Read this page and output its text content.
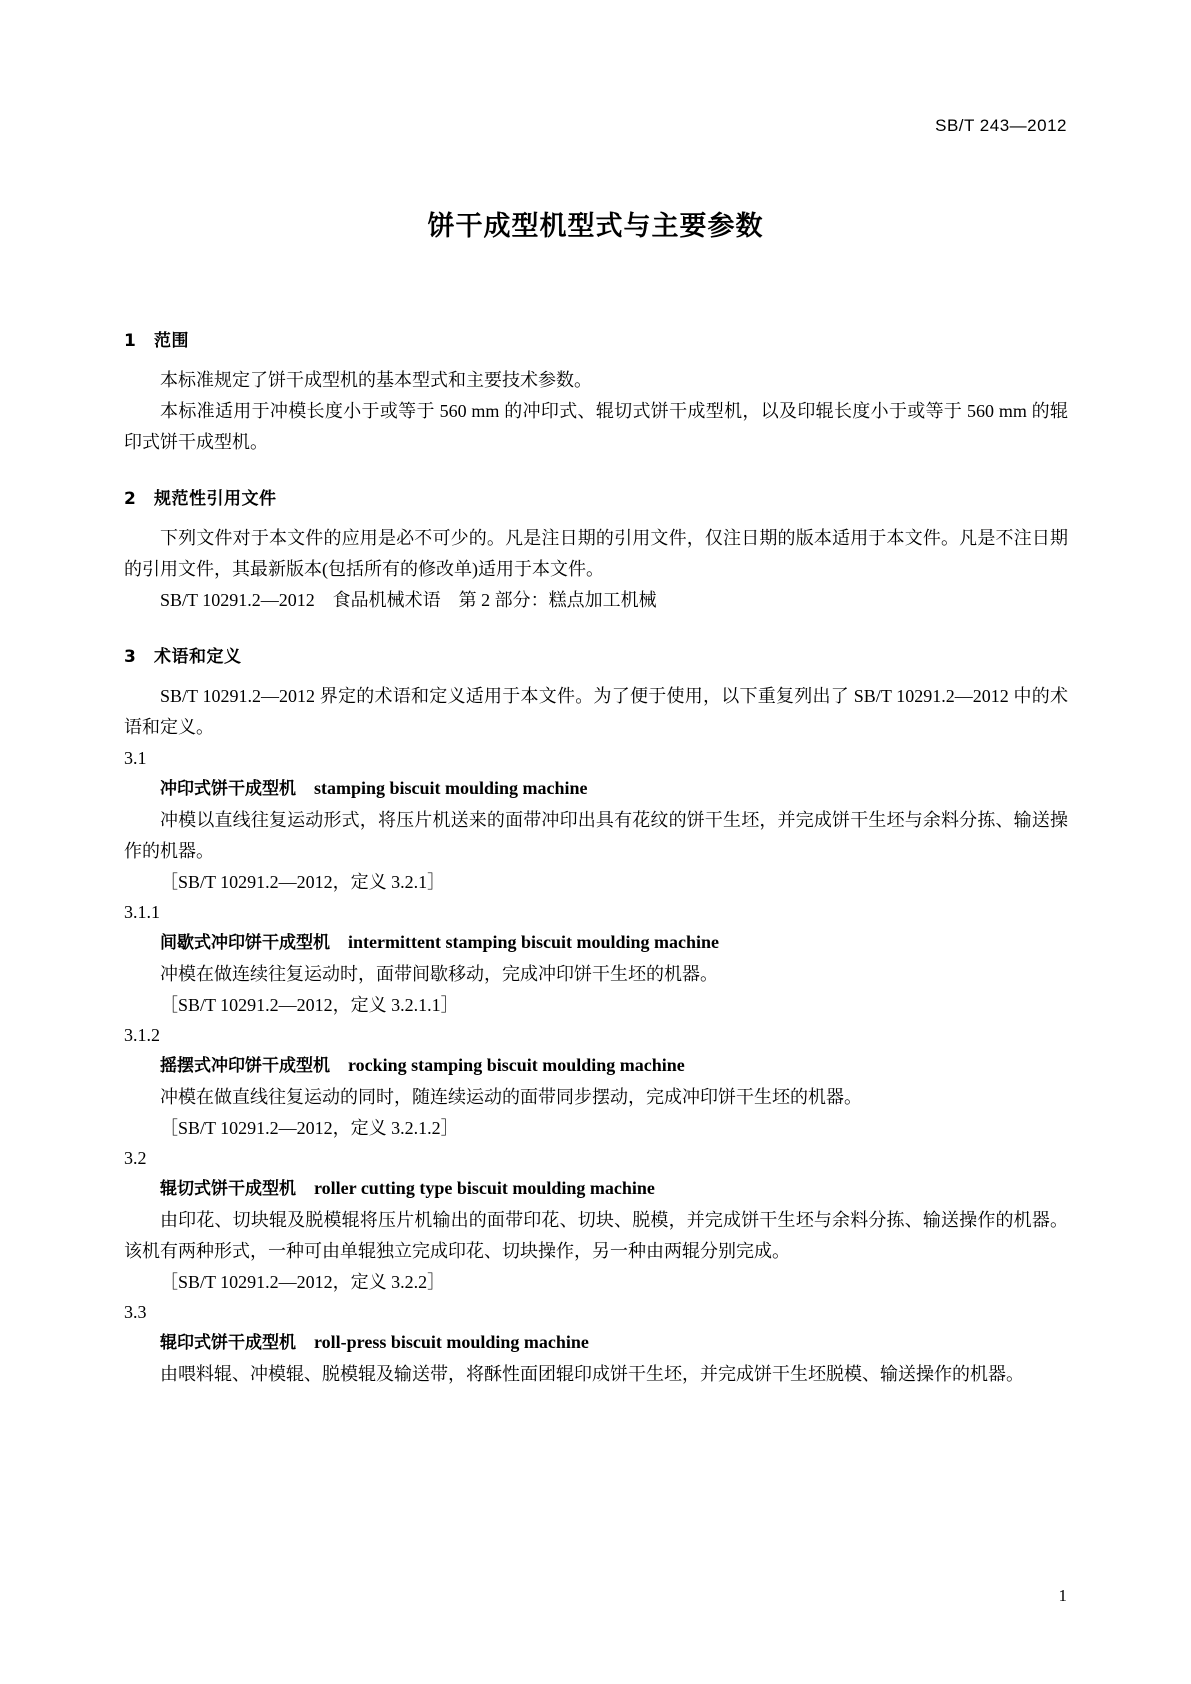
SB/T 243—2012
饼干成型机型式与主要参数
1 范围

本标准规定了饼干成型机的基本型式和主要技术参数。

本标准适用于冲模长度小于或等于 560 mm 的冲印式、辊切式饼干成型机，以及印辊长度小于或等于 560 mm 的辊印式饼干成型机。

2 规范性引用文件

下列文件对于本文件的应用是必不可少的。凡是注日期的引用文件，仅注日期的版本适用于本文件。凡是不注日期的引用文件，其最新版本(包括所有的修改单)适用于本文件。

SB/T 10291.2—2012　食品机械术语　第 2 部分：糕点加工机械

3 术语和定义

SB/T 10291.2—2012 界定的术语和定义适用于本文件。为了便于使用，以下重复列出了 SB/T 10291.2—2012 中的术语和定义。

3.1

冲印式饼干成型机 stamping biscuit moulding machine

冲模以直线往复运动形式，将压片机送来的面带冲印出具有花纹的饼干生坯，并完成饼干生坯与余料分拣、输送操作的机器。

［SB/T 10291.2—2012，定义 3.2.1］

3.1.1

间歇式冲印饼干成型机 intermittent stamping biscuit moulding machine

冲模在做连续往复运动时，面带间歇移动，完成冲印饼干生坯的机器。

［SB/T 10291.2—2012，定义 3.2.1.1］

3.1.2

摇摆式冲印饼干成型机 rocking stamping biscuit moulding machine

冲模在做直线往复运动的同时，随连续运动的面带同步摆动，完成冲印饼干生坯的机器。

［SB/T 10291.2—2012，定义 3.2.1.2］

3.2

辊切式饼干成型机 roller cutting type biscuit moulding machine

由印花、切块辊及脱模辊将压片机输出的面带印花、切块、脱模，并完成饼干生坯与余料分拣、输送操作的机器。该机有两种形式，一种可由单辊独立完成印花、切块操作，另一种由两辊分别完成。

［SB/T 10291.2—2012，定义 3.2.2］

3.3

辊印式饼干成型机 roll-press biscuit moulding machine

由喂料辊、冲模辊、脱模辊及输送带，将酥性面团辊印成饼干生坯，并完成饼干生坯脱模、输送操作的机器。

1
